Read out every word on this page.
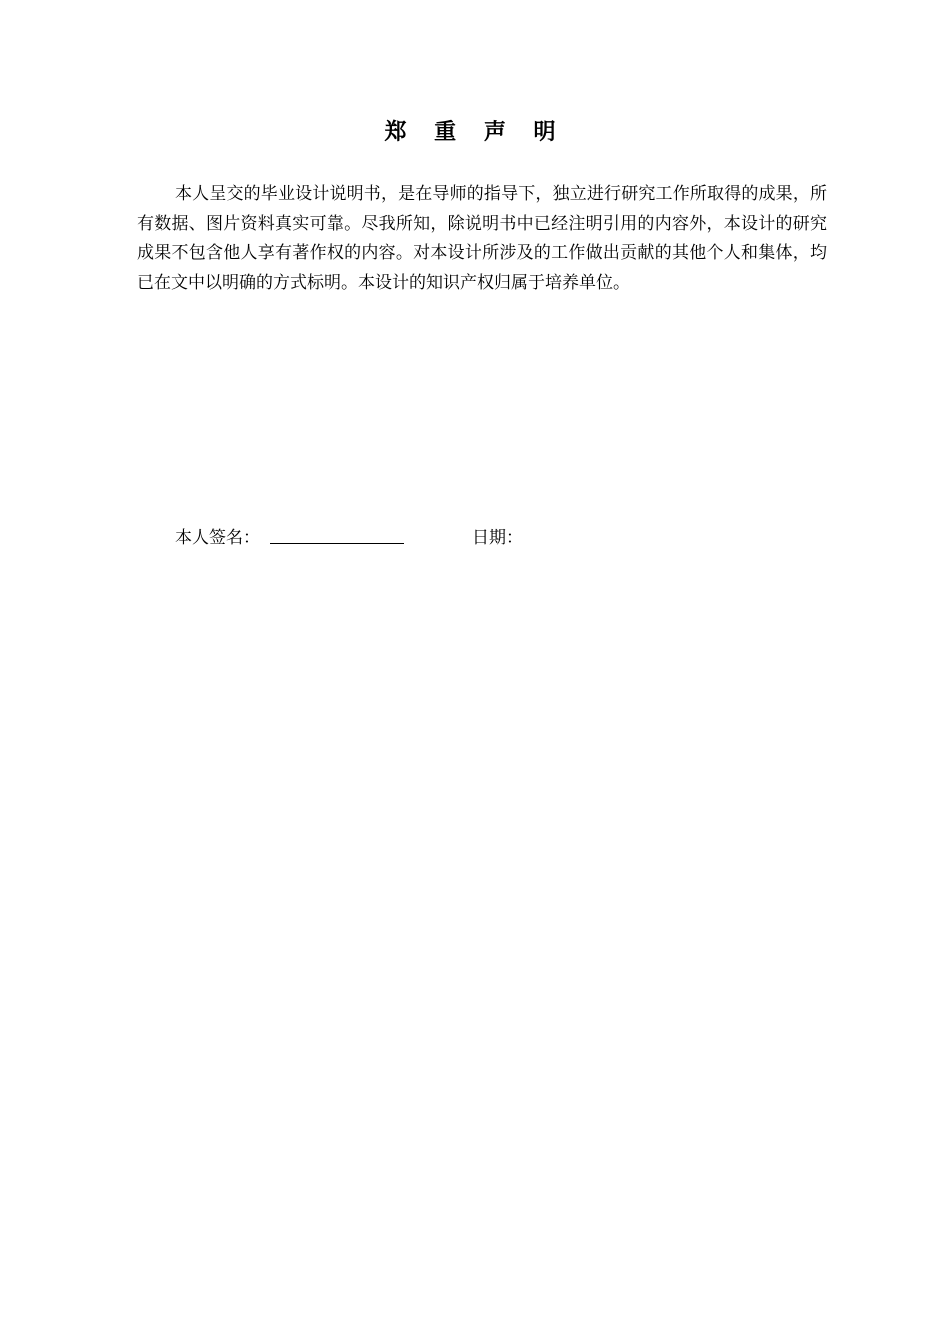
郑 重 声 明

本人呈交的毕业设计说明书，是在导师的指导下，独立进行研究工作所取得的成果，所有数据、图片资料真实可靠。尽我所知，除说明书中已经注明引用的内容外，本设计的研究成果不包含他人享有著作权的内容。对本设计所涉及的工作做出贡献的其他个人和集体，均已在文中以明确的方式标明。本设计的知识产权归属于培养单位。

本人签名：	日期：
